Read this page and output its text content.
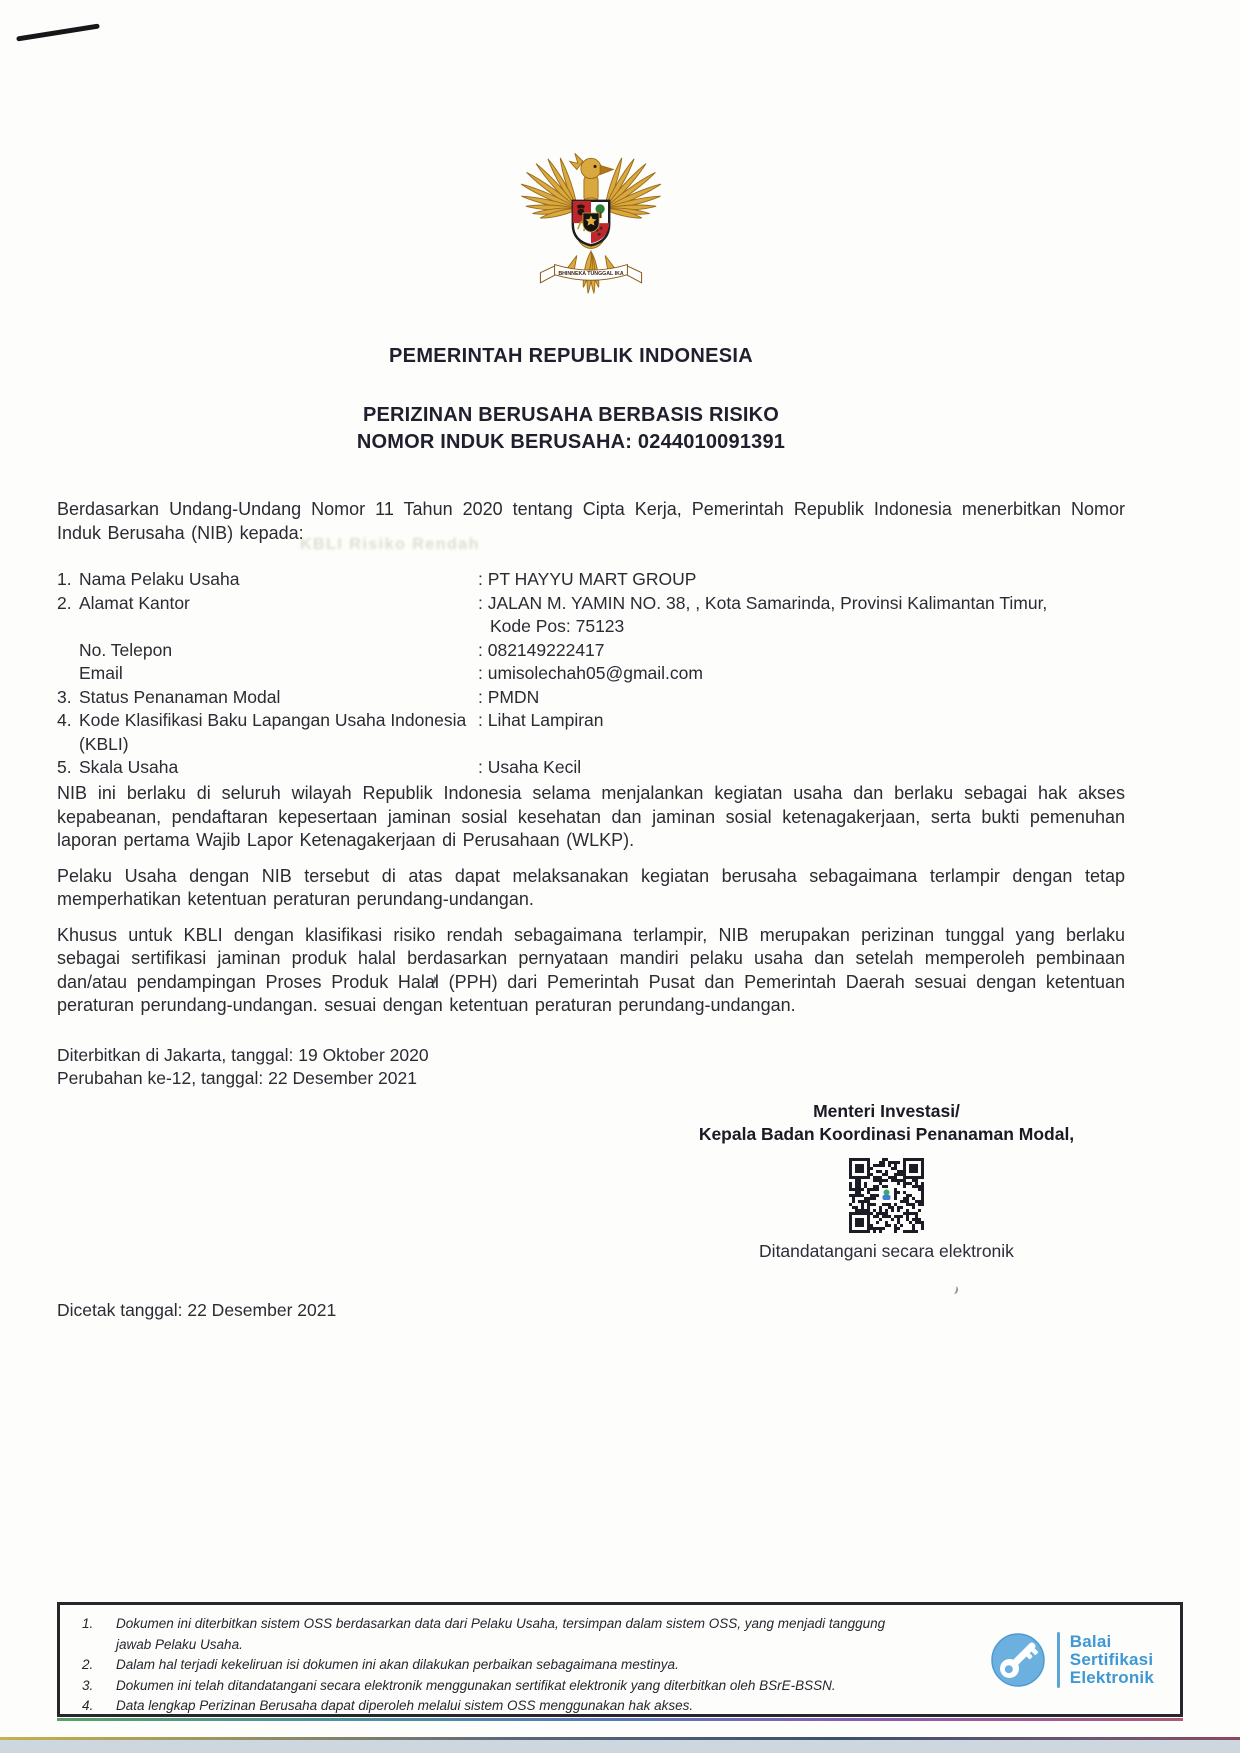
BHINNEKA TUNGGAL IKA
PEMERINTAH REPUBLIK INDONESIA
PERIZINAN BERUSAHA BERBASIS RISIKO
NOMOR INDUK BERUSAHA: 0244010091391

Berdasarkan Undang-Undang Nomor 11 Tahun 2020 tentang Cipta Kerja, Pemerintah Republik Indonesia menerbitkan Nomor Induk Berusaha (NIB) kepada:

KBLI Risiko Rendah
1. Nama Pelaku Usaha	: PT HAYYU MART GROUP
2. Alamat Kantor	: JALAN M. YAMIN NO. 38, , Kota Samarinda, Provinsi Kalimantan Timur, Kode Pos: 75123
No. Telepon	: 082149222417
Email	: umisolechah05@gmail.com
3. Status Penanaman Modal	: PMDN
4. Kode Klasifikasi Baku Lapangan Usaha Indonesia
(KBLI)
: Lihat Lampiran
5. Skala Usaha	: Usaha Kecil

NIB ini berlaku di seluruh wilayah Republik Indonesia selama menjalankan kegiatan usaha dan berlaku sebagai hak akses kepabeanan, pendaftaran kepesertaan jaminan sosial kesehatan dan jaminan sosial ketenagakerjaan, serta bukti pemenuhan laporan pertama Wajib Lapor Ketenagakerjaan di Perusahaan (WLKP).

Pelaku Usaha dengan NIB tersebut di atas dapat melaksanakan kegiatan berusaha sebagaimana terlampir dengan tetap memperhatikan ketentuan peraturan perundang-undangan.

Khusus untuk KBLI dengan klasifikasi risiko rendah sebagaimana terlampir, NIB merupakan perizinan tunggal yang berlaku sebagai sertifikasi jaminan produk halal berdasarkan pernyataan mandiri pelaku usaha dan setelah memperoleh pembinaan dan/atau pendampingan Proses Produk Halal (PPH) dari Pemerintah Pusat dan Pemerintah Daerah sesuai dengan ketentuan peraturan perundang-undangan. sesuai dengan ketentuan peraturan perundang-undangan.

Diterbitkan di Jakarta, tanggal: 19 Oktober 2020
Perubahan ke-12, tanggal: 22 Desember 2021
Menteri Investasi/
Kepala Badan Koordinasi Penanaman Modal,
Ditandatangani secara elektronik
Dicetak tanggal: 22 Desember 2021
1.	Dokumen ini diterbitkan sistem OSS berdasarkan data dari Pelaku Usaha, tersimpan dalam sistem OSS, yang menjadi tanggung jawab Pelaku Usaha.
2.	Dalam hal terjadi kekeliruan isi dokumen ini akan dilakukan perbaikan sebagaimana mestinya.
3.	Dokumen ini telah ditandatangani secara elektronik menggunakan sertifikat elektronik yang diterbitkan oleh BSrE-BSSN.
4.	Data lengkap Perizinan Berusaha dapat diperoleh melalui sistem OSS menggunakan hak akses.
Balai
Sertifikasi
Elektronik
